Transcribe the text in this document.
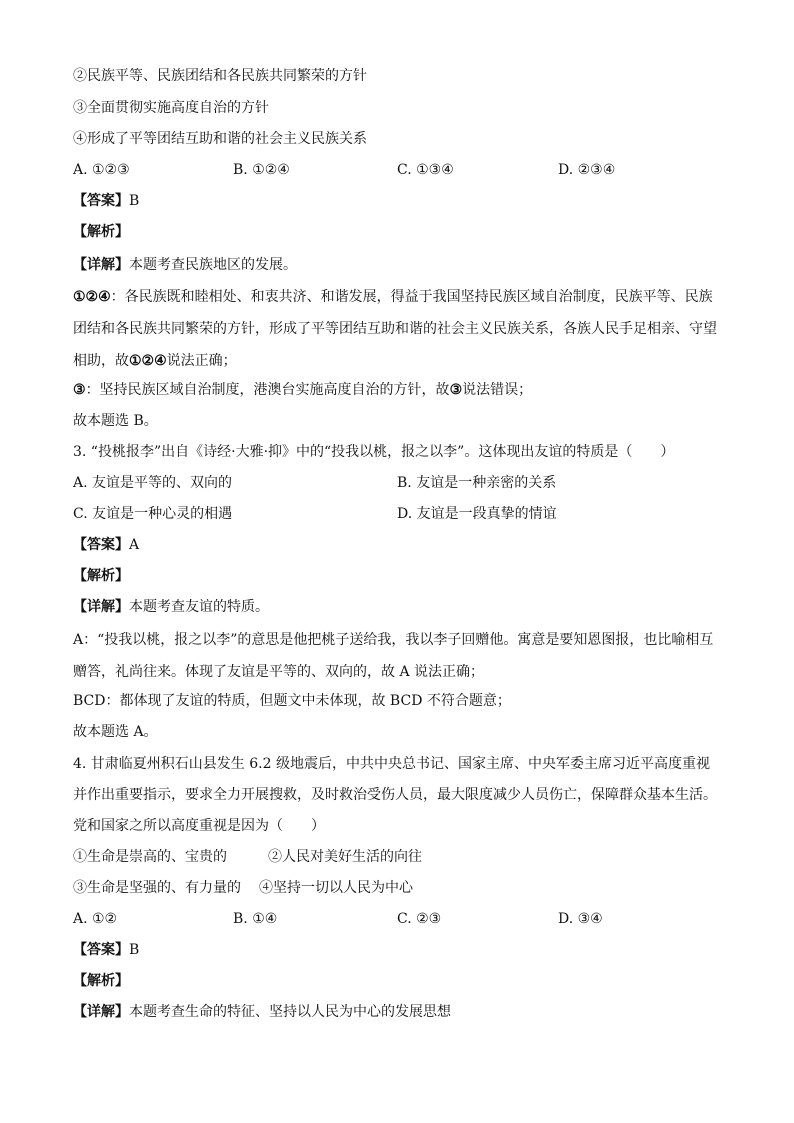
②民族平等、民族团结和各民族共同繁荣的方针
③全面贯彻实施高度自治的方针
④形成了平等团结互助和谐的社会主义民族关系
A. ①②③	B. ①②④	C. ①③④	D. ②③④
【答案】B
【解析】
【详解】本题考查民族地区的发展。
①②④：各民族既和睦相处、和衷共济、和谐发展，得益于我国坚持民族区域自治制度，民族平等、民族团结和各民族共同繁荣的方针，形成了平等团结互助和谐的社会主义民族关系，各族人民手足相亲、守望相助，故①②④说法正确；
③：坚持民族区域自治制度，港澳台实施高度自治的方针，故③说法错误；
故本题选 B。
3. “投桃报李”出自《诗经·大雅·抑》中的“投我以桃，报之以李”。这体现出友谊的特质是（　　）
A. 友谊是平等的、双向的	B. 友谊是一种亲密的关系
C. 友谊是一种心灵的相遇	D. 友谊是一段真挚的情谊
【答案】A
【解析】
【详解】本题考查友谊的特质。
A：“投我以桃，报之以李”的意思是他把桃子送给我，我以李子回赠他。寓意是要知恩图报，也比喻相互赠答，礼尚往来。体现了友谊是平等的、双向的，故 A 说法正确；
BCD：都体现了友谊的特质，但题文中未体现，故 BCD 不符合题意；
故本题选 A。
4. 甘肃临夏州积石山县发生 6.2 级地震后，中共中央总书记、国家主席、中央军委主席习近平高度重视并作出重要指示，要求全力开展搜救，及时救治受伤人员，最大限度减少人员伤亡，保障群众基本生活。党和国家之所以高度重视是因为（　　）
①生命是崇高的、宝贵的	②人民对美好生活的向往
③生命是坚强的、有力量的 ④坚持一切以人民为中心
A. ①②	B. ①④	C. ②③	D. ③④
【答案】B
【解析】
【详解】本题考查生命的特征、坚持以人民为中心的发展思想
